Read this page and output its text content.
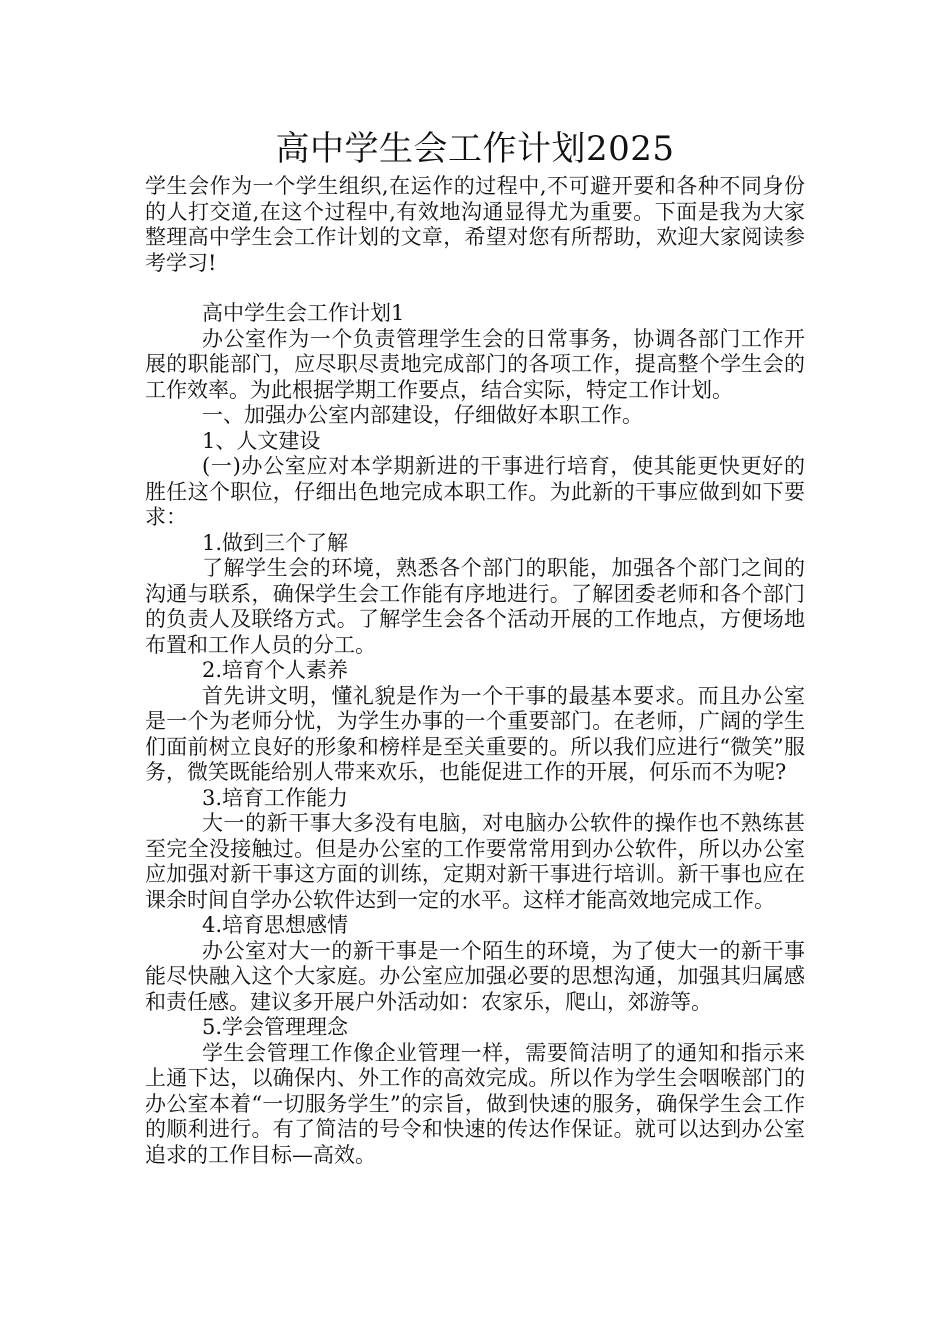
高中学生会工作计划2025

学生会作为一个学生组织,在运作的过程中,不可避开要和各种不同身份的人打交道,在这个过程中,有效地沟通显得尤为重要。下面是我为大家整理高中学生会工作计划的文章，希望对您有所帮助，欢迎大家阅读参考学习!

高中学生会工作计划1

办公室作为一个负责管理学生会的日常事务，协调各部门工作开展的职能部门，应尽职尽责地完成部门的各项工作，提高整个学生会的工作效率。为此根据学期工作要点，结合实际，特定工作计划。

一、加强办公室内部建设，仔细做好本职工作。

1、人文建设

(一)办公室应对本学期新进的干事进行培育，使其能更快更好的胜任这个职位，仔细出色地完成本职工作。为此新的干事应做到如下要求：

1.做到三个了解

了解学生会的环境，熟悉各个部门的职能，加强各个部门之间的沟通与联系，确保学生会工作能有序地进行。了解团委老师和各个部门的负责人及联络方式。了解学生会各个活动开展的工作地点，方便场地布置和工作人员的分工。

2.培育个人素养

首先讲文明，懂礼貌是作为一个干事的最基本要求。而且办公室是一个为老师分忧，为学生办事的一个重要部门。在老师，广阔的学生们面前树立良好的形象和榜样是至关重要的。所以我们应进行“微笑”服务，微笑既能给别人带来欢乐，也能促进工作的开展，何乐而不为呢?

3.培育工作能力

大一的新干事大多没有电脑，对电脑办公软件的操作也不熟练甚至完全没接触过。但是办公室的工作要常常用到办公软件，所以办公室应加强对新干事这方面的训练，定期对新干事进行培训。新干事也应在课余时间自学办公软件达到一定的水平。这样才能高效地完成工作。

4.培育思想感情

办公室对大一的新干事是一个陌生的环境，为了使大一的新干事能尽快融入这个大家庭。办公室应加强必要的思想沟通，加强其归属感和责任感。建议多开展户外活动如：农家乐，爬山，郊游等。

5.学会管理理念

学生会管理工作像企业管理一样，需要简洁明了的通知和指示来上通下达，以确保内、外工作的高效完成。所以作为学生会咽喉部门的办公室本着“一切服务学生”的宗旨，做到快速的服务，确保学生会工作的顺利进行。有了简洁的号令和快速的传达作保证。就可以达到办公室追求的工作目标—高效。
